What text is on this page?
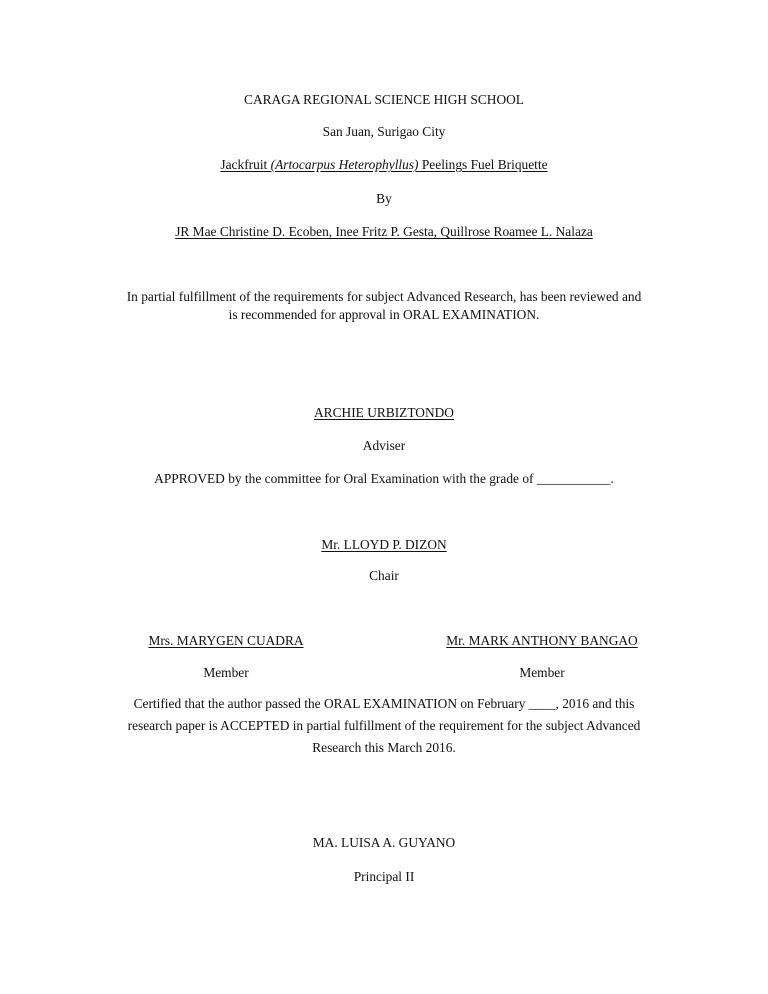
CARAGA REGIONAL SCIENCE HIGH SCHOOL
San Juan, Surigao City
Jackfruit (Artocarpus Heterophyllus) Peelings Fuel Briquette
By
JR Mae Christine D. Ecoben, Inee Fritz P. Gesta, Quillrose Roamee L. Nalaza
In partial fulfillment of the requirements for subject Advanced Research, has been reviewed and
is recommended for approval in ORAL EXAMINATION.
ARCHIE URBIZTONDO
Adviser
APPROVED by the committee for Oral Examination with the grade of ___________.
Mr. LLOYD P. DIZON
Chair
Mrs. MARYGEN CUADRA
Member
Mr. MARK ANTHONY BANGAO
Member
Certified that the author passed the ORAL EXAMINATION on February ____, 2016 and this
research paper is ACCEPTED in partial fulfillment of the requirement for the subject Advanced
Research this March 2016.
MA. LUISA A. GUYANO
Principal II
